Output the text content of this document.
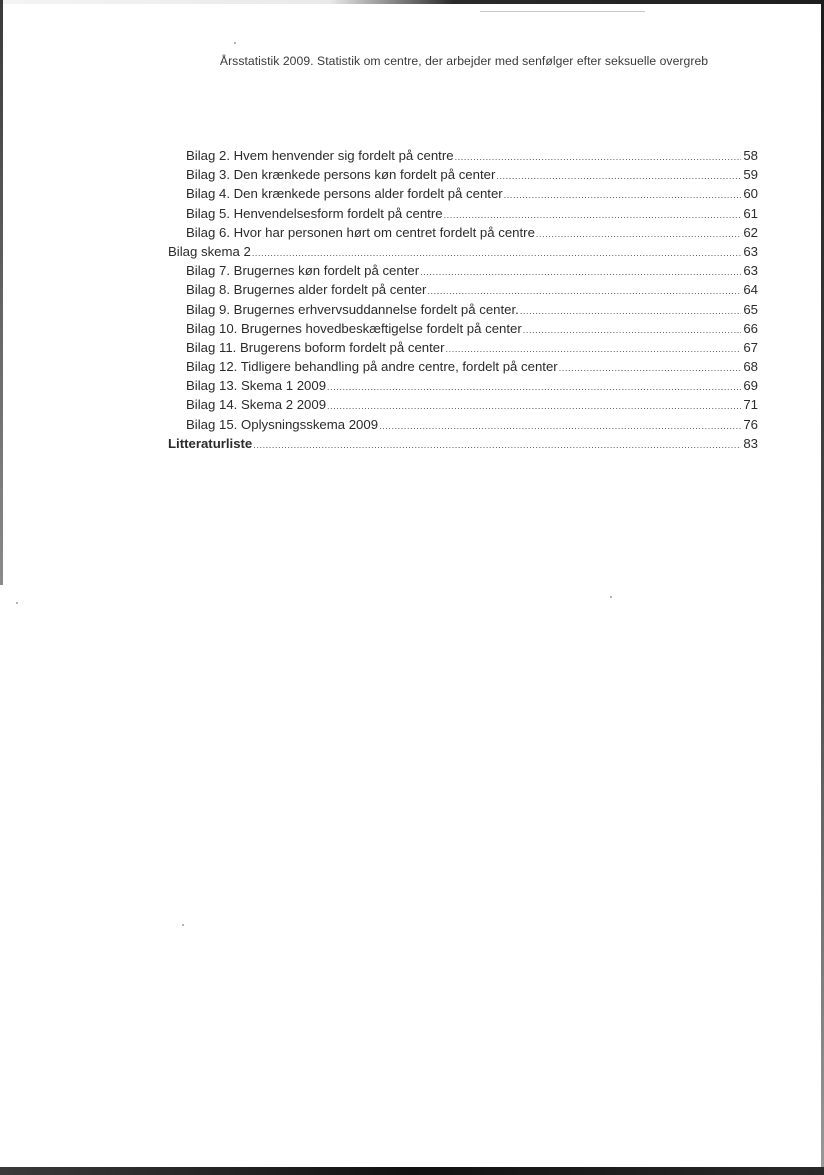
Årsstatistik 2009. Statistik om centre, der arbejder med senfølger efter seksuelle overgreb
Bilag 2. Hvem henvender sig fordelt på centre .....	58
Bilag 3. Den krænkede persons køn fordelt på center .....	59
Bilag 4. Den krænkede persons alder fordelt på center .....	60
Bilag 5. Henvendelsesform fordelt på centre .....	61
Bilag 6. Hvor har personen hørt om centret fordelt på centre .....	62
Bilag skema 2 .....	63
Bilag 7. Brugernes køn fordelt på center .....	63
Bilag 8. Brugernes alder fordelt på center .....	64
Bilag 9. Brugernes erhvervsuddannelse fordelt på center. .....	65
Bilag 10. Brugernes hovedbeskæftigelse fordelt på center .....	66
Bilag 11. Brugerens boform fordelt på center .....	67
Bilag 12. Tidligere behandling på andre centre, fordelt på center .....	68
Bilag 13. Skema 1 2009 .....	69
Bilag 14. Skema 2 2009 .....	71
Bilag 15. Oplysningsskema 2009 .....	76
Litteraturliste .....	83
